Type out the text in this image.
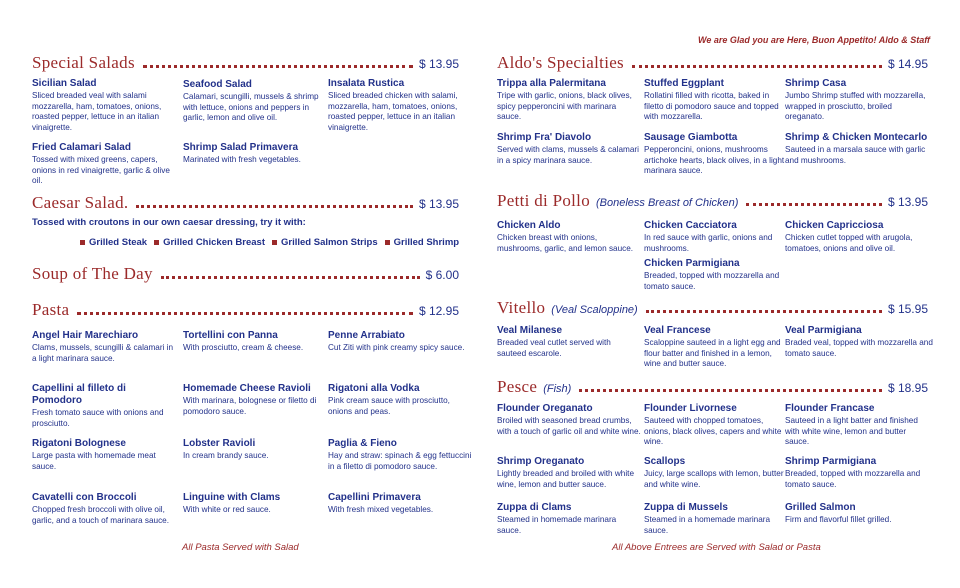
We are Glad you are Here, Buon Appetito! Aldo & Staff
Special Salads	$ 13.95
Sicilian Salad
Sliced breaded veal with salami mozzarella, ham, tomatoes, onions, roasted pepper, lettuce in an italian vinaigrette.
Fried Calamari Salad
Tossed with mixed greens, capers, onions in red vinaigrette, garlic & olive oil.
Seafood Salad
Calamari, scungilli, mussels & shrimp with lettuce, onions and peppers in garlic, lemon and olive oil.
Shrimp Salad Primavera
Marinated with fresh vegetables.
Insalata Rustica
Sliced breaded chicken with salami, mozzarella, ham, tomatoes, onions, roasted pepper, lettuce in an italian vinaigrette.
Caesar Salad.	$ 13.95
Tossed with croutons in our own caesar dressing, try it with:
Grilled Steak Grilled Chicken Breast Grilled Salmon Strips Grilled Shrimp
Soup of The Day	$ 6.00
Pasta	$ 12.95
Angel Hair Marechiaro
Clams, mussels, scungilli & calamari in a light marinara sauce.
Capellini al filleto di Pomodoro
Fresh tomato sauce with onions and prosciutto.
Rigatoni Bolognese
Large pasta with homemade meat sauce.
Cavatelli con Broccoli
Chopped fresh broccoli with olive oil, garlic, and a touch of marinara sauce.
Tortellini con Panna
With prosciutto, cream & cheese.
Homemade Cheese Ravioli
With marinara, bolognese or filetto di pomodoro sauce.
Lobster Ravioli
In cream brandy sauce.
Linguine with Clams
With white or red sauce.
Penne Arrabiato
Cut Ziti with pink creamy spicy sauce.
Rigatoni alla Vodka
Pink cream sauce with prosciutto, onions and peas.
Paglia & Fieno
Hay and straw: spinach & egg fettuccini in a filetto di pomodoro sauce.
Capellini Primavera
With fresh mixed vegetables.
All Pasta Served with Salad
Aldo's Specialties	$ 14.95
Trippa alla Palermitana
Tripe with garlic, onions, black olives, spicy pepperoncini with marinara sauce.
Shrimp Fra' Diavolo
Served with clams, mussels & calamari in a spicy marinara sauce.
Stuffed Eggplant
Rollatini filled with ricotta, baked in filetto di pomodoro sauce and topped with mozzarella.
Sausage Giambotta
Pepperoncini, onions, mushrooms artichoke hearts, black olives, in a light marinara sauce.
Shrimp Casa
Jumbo Shrimp stuffed with mozzarella, wrapped in prosciutto, broiled oreganato.
Shrimp & Chicken Montecarlo
Sauteed in a marsala sauce with garlic and mushrooms.
Petti di Pollo (Boneless Breast of Chicken)	$ 13.95
Chicken Aldo
Chicken breast with onions, mushrooms, garlic, and lemon sauce.
Chicken Cacciatora
In red sauce with garlic, onions and mushrooms.
Chicken Parmigiana
Breaded, topped with mozzarella and tomato sauce.
Chicken Capricciosa
Chicken cutlet topped with arugola, tomatoes, onions and olive oil.
Vitello (Veal Scaloppine)	$ 15.95
Veal Milanese
Breaded veal cutlet served with sauteed escarole.
Veal Francese
Scaloppine sauteed in a light egg and flour batter and finished in a lemon, wine and butter sauce.
Veal Parmigiana
Braded veal, topped with mozzarella and tomato sauce.
Pesce (Fish)	$ 18.95
Flounder Oreganato
Broiled with seasoned bread crumbs, with a touch of garlic oil and white wine.
Shrimp Oreganato
Lightly breaded and broiled with white wine, lemon and butter sauce.
Zuppa di Clams
Steamed in homemade marinara sauce.
Flounder Livornese
Sauteed with chopped tomatoes, onions, black olives, capers and white wine.
Scallops
Juicy, large scallops with lemon, butter and white wine.
Zuppa di Mussels
Steamed in a homemade marinara sauce.
Flounder Francase
Sauteed in a light batter and finished with white wine, lemon and butter sauce.
Shrimp Parmigiana
Breaded, topped with mozzarella and tomato sauce.
Grilled Salmon
Firm and flavorful fillet grilled.
All Above Entrees are Served with Salad or Pasta
